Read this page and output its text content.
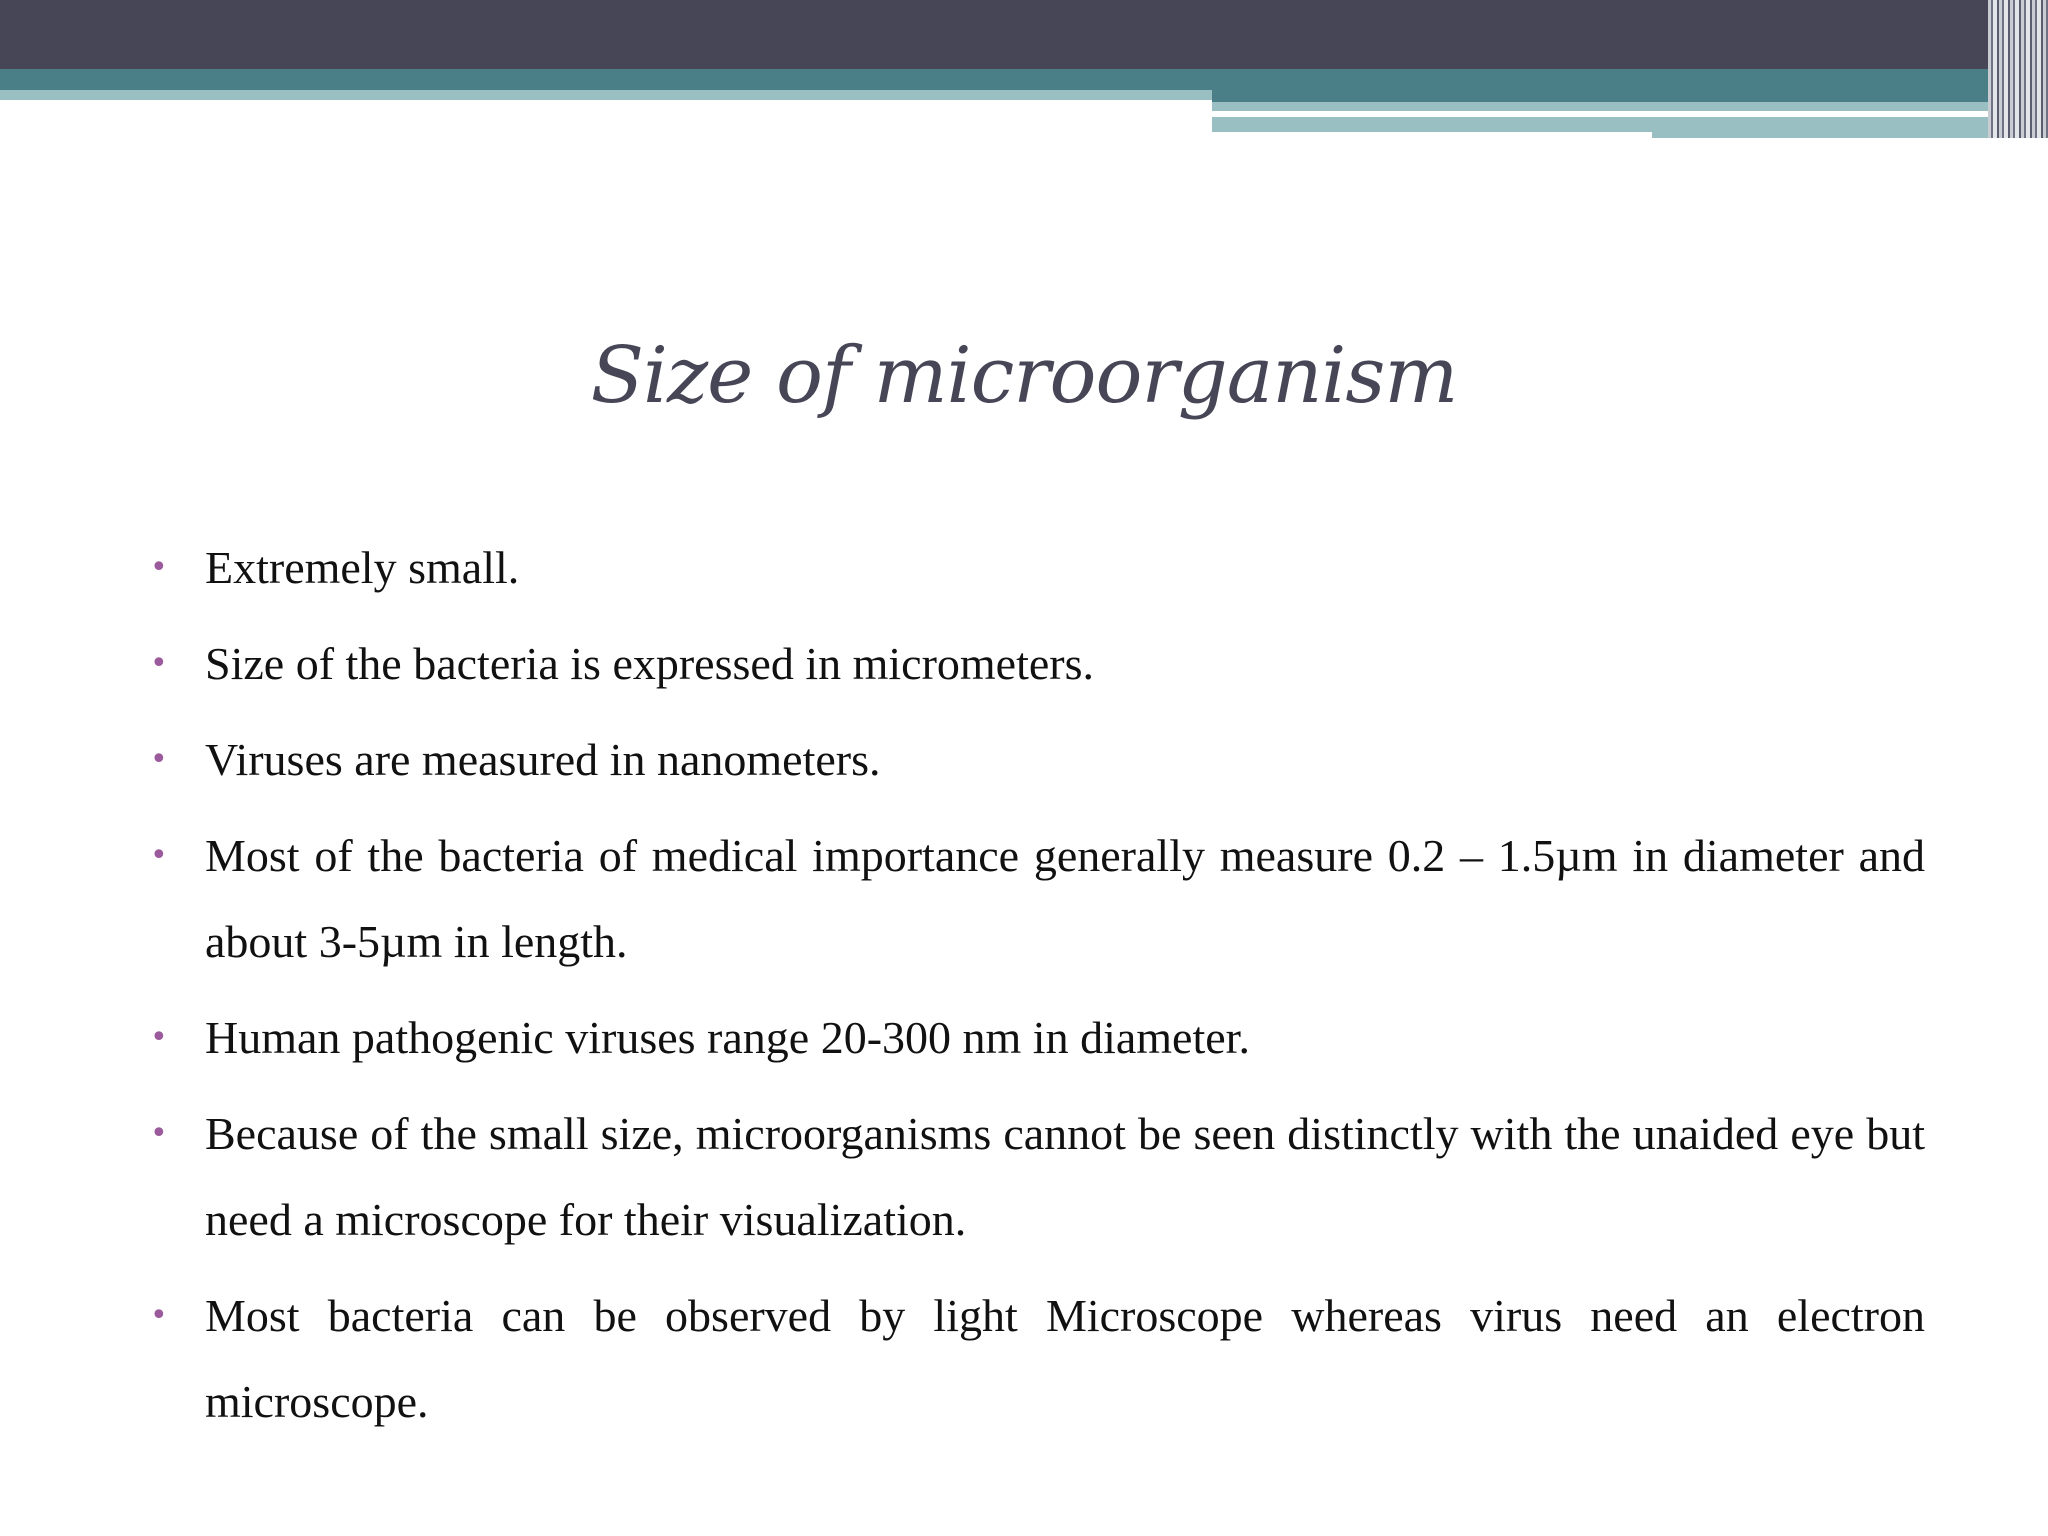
Size of microorganism
• Extremely small.
• Size of the bacteria is expressed in micrometers.
• Viruses are measured in nanometers.
• Most of the bacteria of medical importance generally measure 0.2 – 1.5µm in diameter and about 3-5µm in length.
• Human pathogenic viruses range 20-300 nm in diameter.
• Because of the small size, microorganisms cannot be seen distinctly with the unaided eye but need a microscope for their visualization.
• Most bacteria can be observed by light Microscope whereas virus need an electron microscope.
